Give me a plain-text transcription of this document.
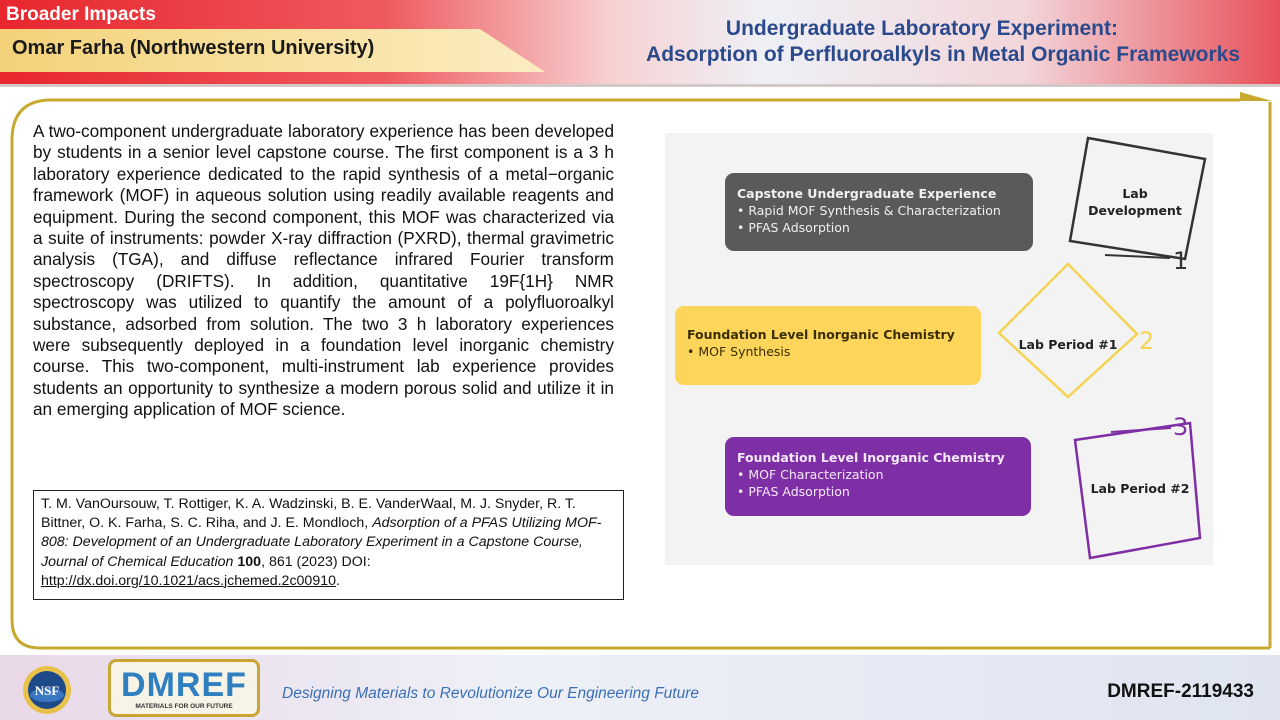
Broader Impacts
Omar Farha (Northwestern University)
Undergraduate Laboratory Experiment:
Adsorption of Perfluoroalkyls in Metal Organic Frameworks
A two-component undergraduate laboratory experience has been developed by students in a senior level capstone course. The first component is a 3 h laboratory experience dedicated to the rapid synthesis of a metal−organic framework (MOF) in aqueous solution using readily available reagents and equipment. During the second component, this MOF was characterized via a suite of instruments: powder X-ray diffraction (PXRD), thermal gravimetric analysis (TGA), and diffuse reflectance infrared Fourier transform spectroscopy (DRIFTS). In addition, quantitative 19F{1H} NMR spectroscopy was utilized to quantify the amount of a polyfluoroalkyl substance, adsorbed from solution. The two 3 h laboratory experiences were subsequently deployed in a foundation level inorganic chemistry course. This two-component, multi-instrument lab experience provides students an opportunity to synthesize a modern porous solid and utilize it in an emerging application of MOF science.
T. M. VanOursouw, T. Rottiger, K. A. Wadzinski, B. E. VanderWaal, M. J. Snyder, R. T. Bittner, O. K. Farha, S. C. Riha, and J. E. Mondloch, Adsorption of a PFAS Utilizing MOF-808: Development of an Undergraduate Laboratory Experiment in a Capstone Course, Journal of Chemical Education 100, 861 (2023) DOI: http://dx.doi.org/10.1021/acs.jchemed.2c00910.
Capstone Undergraduate Experience
• Rapid MOF Synthesis & Characterization
• PFAS Adsorption
Foundation Level Inorganic Chemistry
• MOF Synthesis
Foundation Level Inorganic Chemistry
• MOF Characterization
• PFAS Adsorption
Lab
Development
Lab Period #1
Lab Period #2
1
2
3
NSF DMREF
MATERIALS FOR OUR FUTURE
Designing Materials to Revolutionize Our Engineering Future	DMREF-2119433
